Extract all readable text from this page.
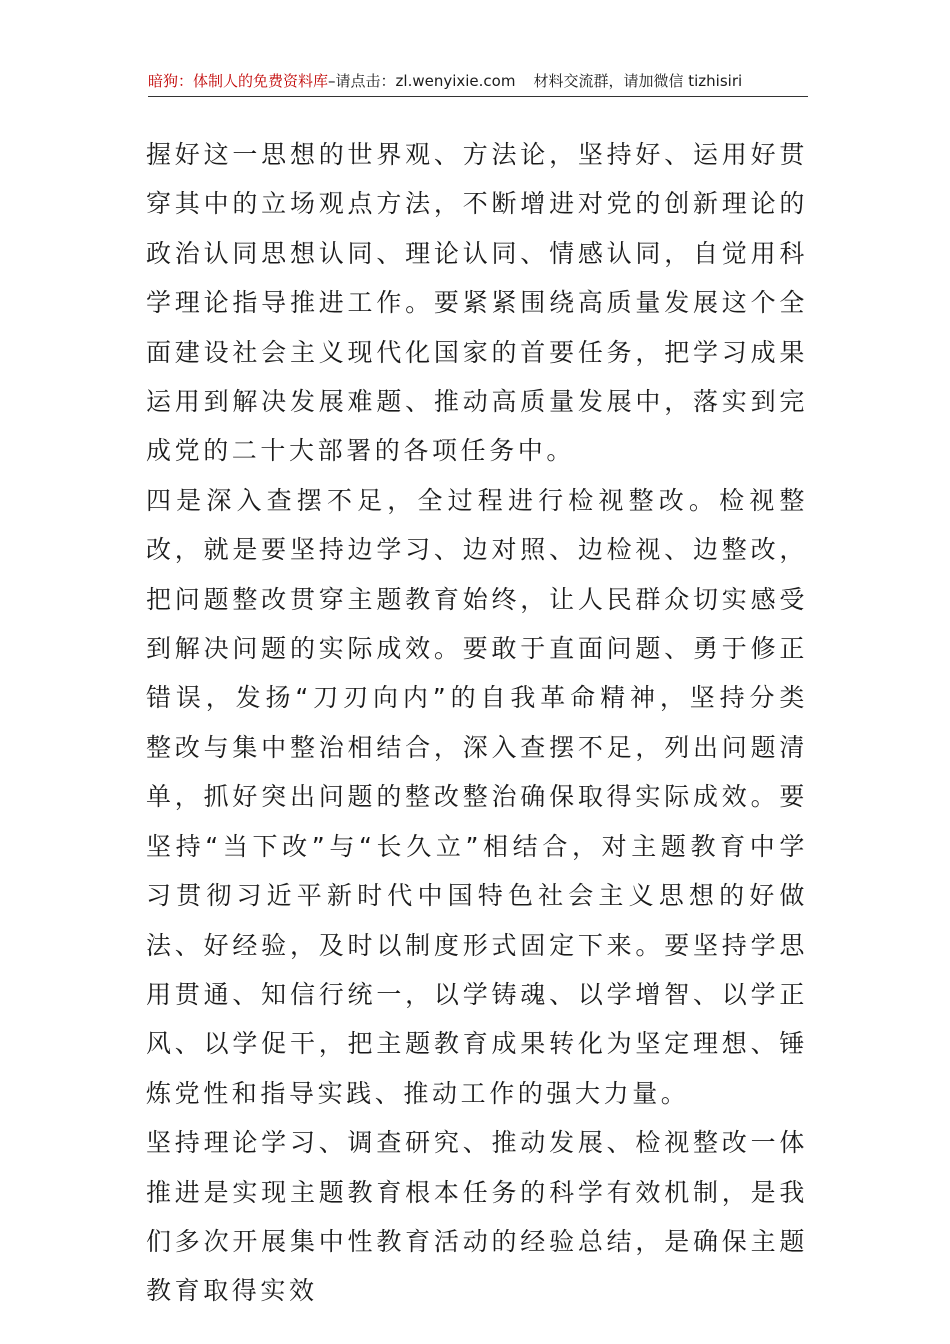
暗狗：体制人的免费资料库–请点击：zl.wenyixie.com 材料交流群，请加微信 tizhisiri

握好这一思想的世界观、方法论，坚持好、运用好贯穿其中的立场观点方法，不断增进对党的创新理论的政治认同思想认同、理论认同、情感认同，自觉用科学理论指导推进工作。要紧紧围绕高质量发展这个全面建设社会主义现代化国家的首要任务，把学习成果运用到解决发展难题、推动高质量发展中，落实到完成党的二十大部署的各项任务中。

四是深入查摆不足，全过程进行检视整改。检视整改，就是要坚持边学习、边对照、边检视、边整改，把问题整改贯穿主题教育始终，让人民群众切实感受到解决问题的实际成效。要敢于直面问题、勇于修正错误，发扬“刀刃向内”的自我革命精神，坚持分类整改与集中整治相结合，深入查摆不足，列出问题清单，抓好突出问题的整改整治确保取得实际成效。要坚持“当下改”与“长久立”相结合，对主题教育中学习贯彻习近平新时代中国特色社会主义思想的好做法、好经验，及时以制度形式固定下来。要坚持学思用贯通、知信行统一，以学铸魂、以学增智、以学正风、以学促干，把主题教育成果转化为坚定理想、锤炼党性和指导实践、推动工作的强大力量。

坚持理论学习、调查研究、推动发展、检视整改一体推进是实现主题教育根本任务的科学有效机制，是我们多次开展集中性教育活动的经验总结，是确保主题教育取得实效
